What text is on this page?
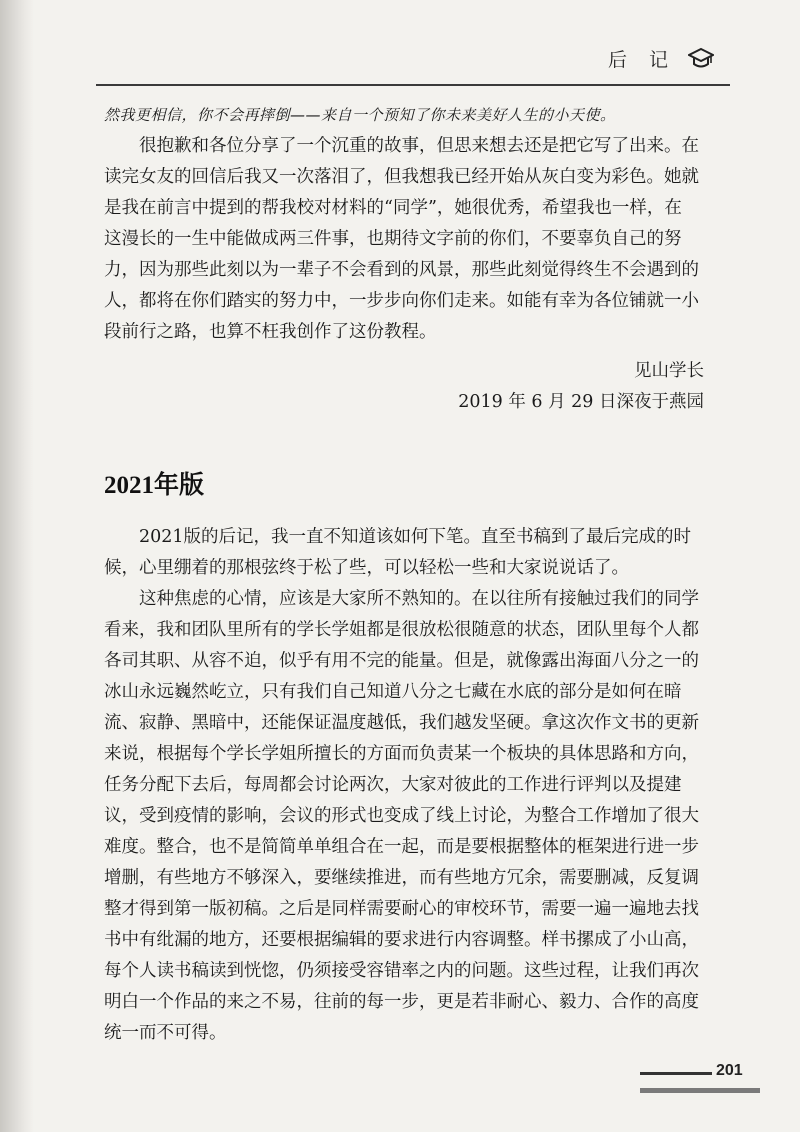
后记
然我更相信，你不会再摔倒——来自一个预知了你未来美好人生的小天使。
　　很抱歉和各位分享了一个沉重的故事，但思来想去还是把它写了出来。在
读完女友的回信后我又一次落泪了，但我想我已经开始从灰白变为彩色。她就
是我在前言中提到的帮我校对材料的“同学”，她很优秀，希望我也一样，在
这漫长的一生中能做成两三件事，也期待文字前的你们，不要辜负自己的努
力，因为那些此刻以为一辈子不会看到的风景，那些此刻觉得终生不会遇到的
人，都将在你们踏实的努力中，一步步向你们走来。如能有幸为各位铺就一小
段前行之路，也算不枉我创作了这份教程。
见山学长
2019 年 6 月 29 日深夜于燕园
2021年版
　　2021版的后记，我一直不知道该如何下笔。直至书稿到了最后完成的时
候，心里绷着的那根弦终于松了些，可以轻松一些和大家说说话了。
　　这种焦虑的心情，应该是大家所不熟知的。在以往所有接触过我们的同学
看来，我和团队里所有的学长学姐都是很放松很随意的状态，团队里每个人都
各司其职、从容不迫，似乎有用不完的能量。但是，就像露出海面八分之一的
冰山永远巍然屹立，只有我们自己知道八分之七藏在水底的部分是如何在暗
流、寂静、黑暗中，还能保证温度越低，我们越发坚硬。拿这次作文书的更新
来说，根据每个学长学姐所擅长的方面而负责某一个板块的具体思路和方向，
任务分配下去后，每周都会讨论两次，大家对彼此的工作进行评判以及提建
议，受到疫情的影响，会议的形式也变成了线上讨论，为整合工作增加了很大
难度。整合，也不是简简单单组合在一起，而是要根据整体的框架进行进一步
增删，有些地方不够深入，要继续推进，而有些地方冗余，需要删减，反复调
整才得到第一版初稿。之后是同样需要耐心的审校环节，需要一遍一遍地去找
书中有纰漏的地方，还要根据编辑的要求进行内容调整。样书摞成了小山高，
每个人读书稿读到恍惚，仍须接受容错率之内的问题。这些过程，让我们再次
明白一个作品的来之不易，往前的每一步，更是若非耐心、毅力、合作的高度
统一而不可得。
201
